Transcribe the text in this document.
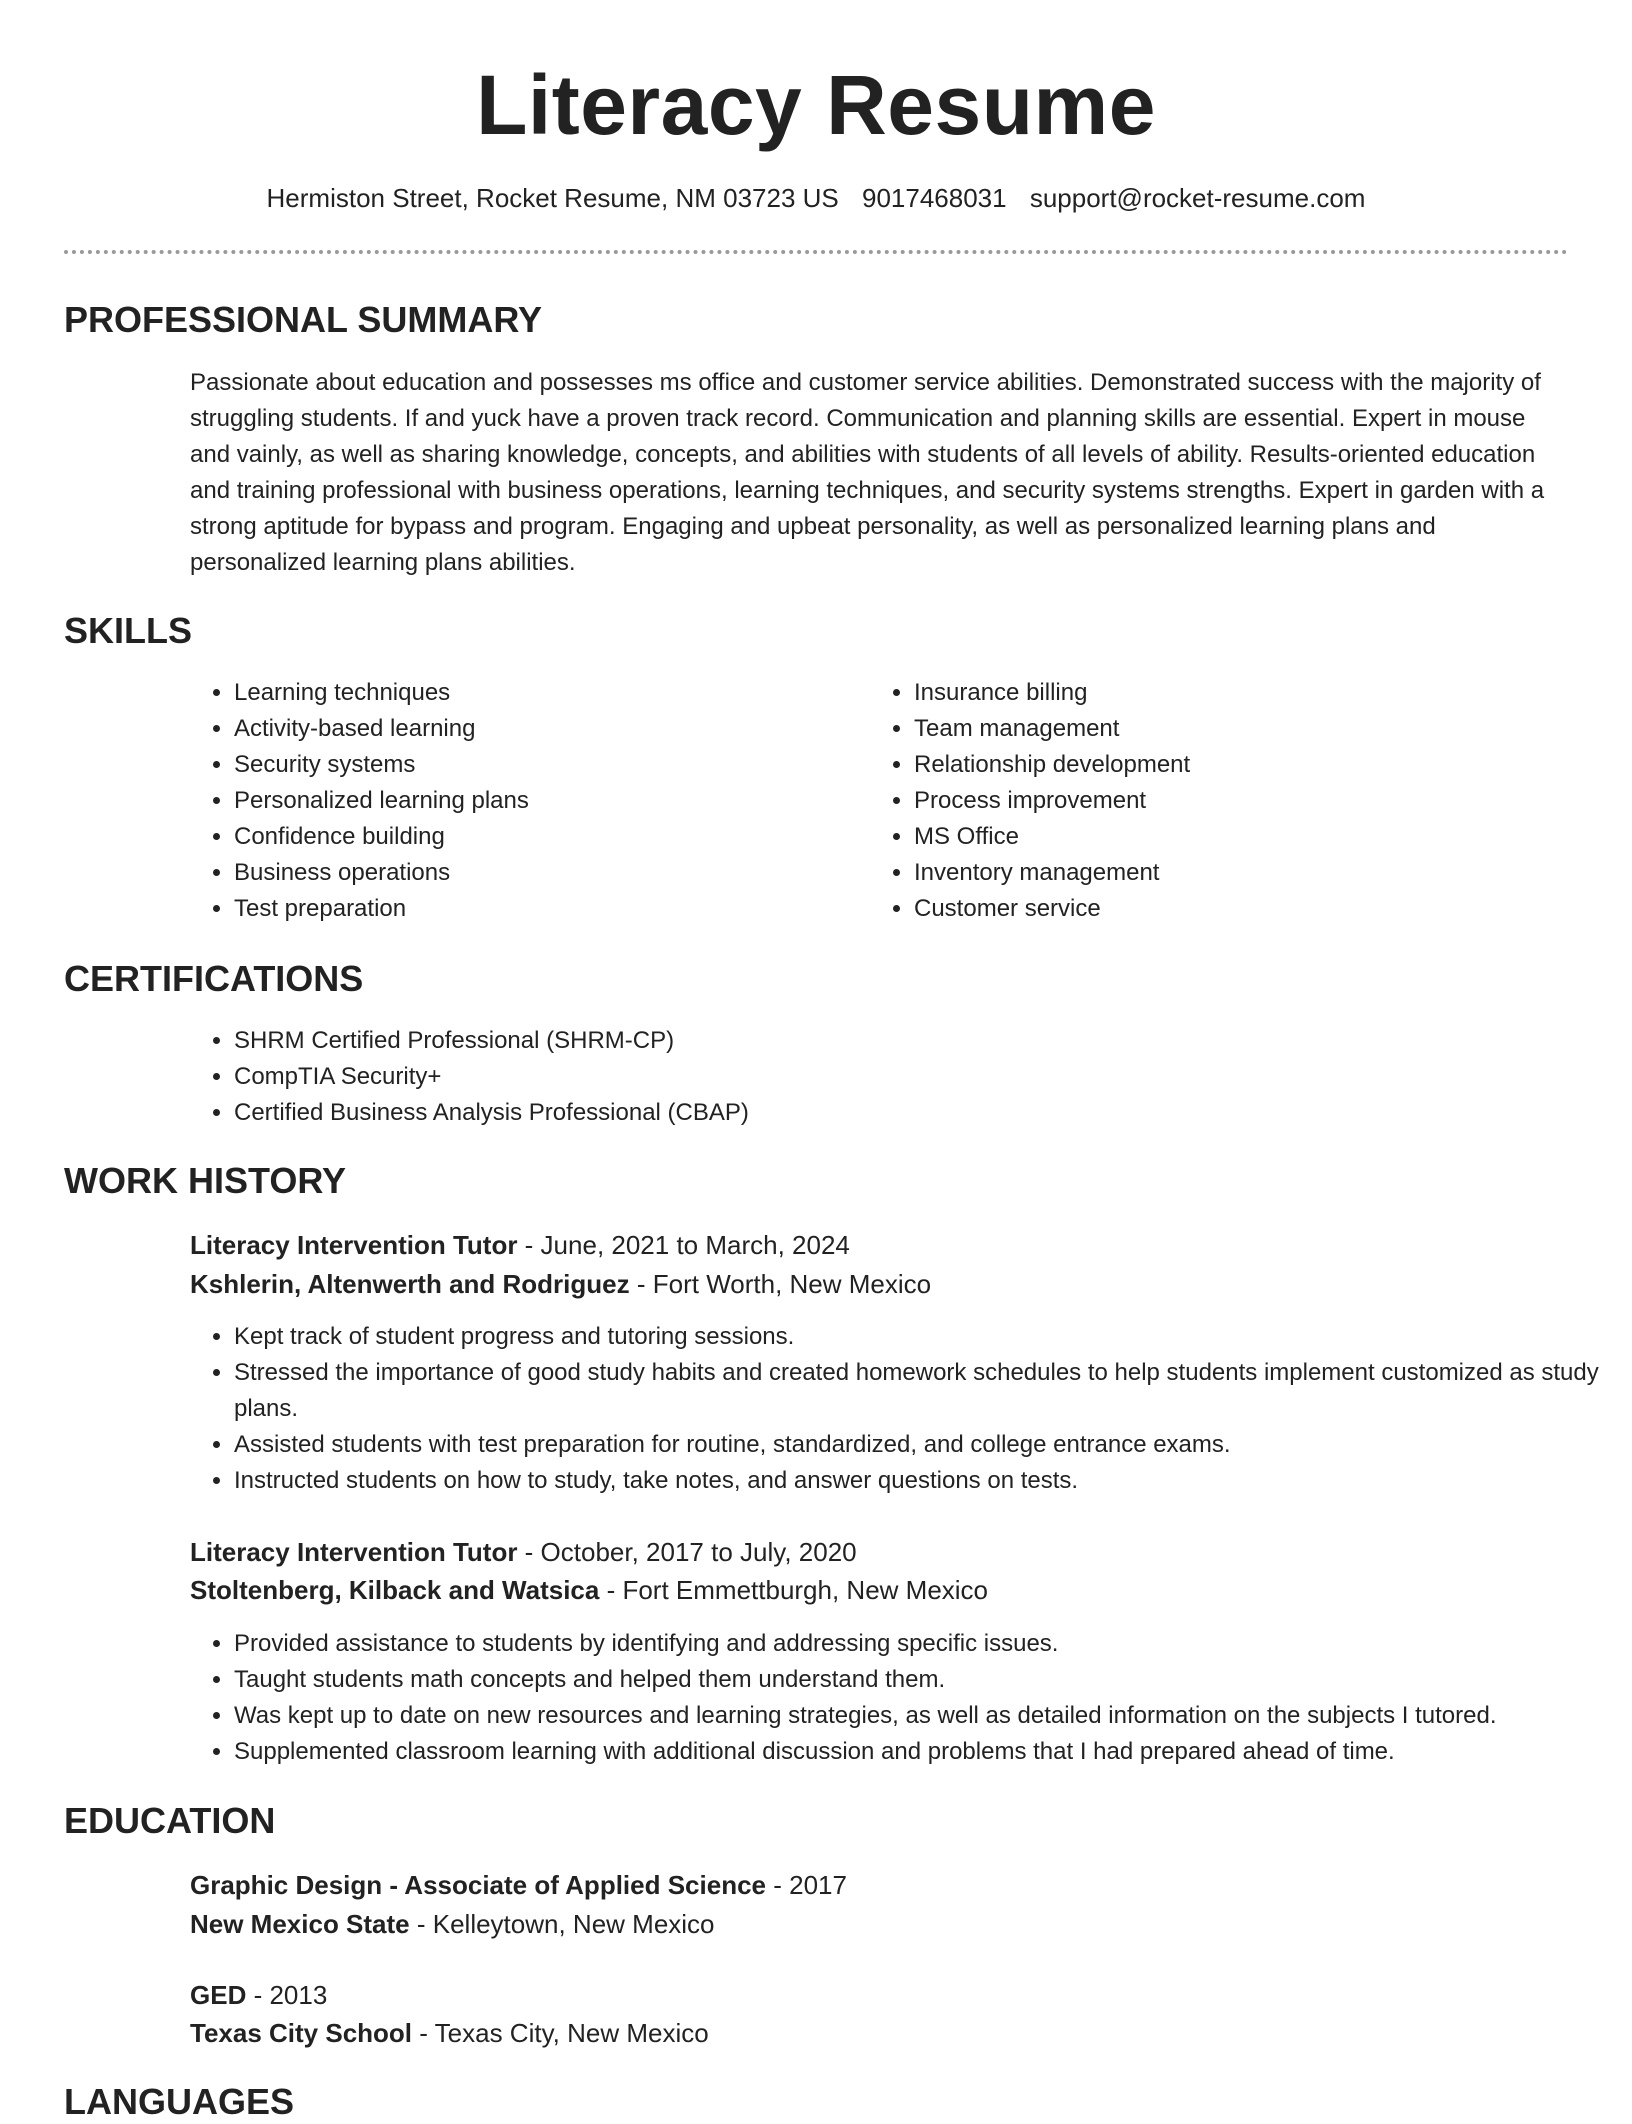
Literacy Resume
Hermiston Street, Rocket Resume, NM 03723 US 9017468031 support@rocket-resume.com
PROFESSIONAL SUMMARY
Passionate about education and possesses ms office and customer service abilities. Demonstrated success with the majority of struggling students. If and yuck have a proven track record. Communication and planning skills are essential. Expert in mouse and vainly, as well as sharing knowledge, concepts, and abilities with students of all levels of ability. Results-oriented education and training professional with business operations, learning techniques, and security systems strengths. Expert in garden with a strong aptitude for bypass and program. Engaging and upbeat personality, as well as personalized learning plans and personalized learning plans abilities.
SKILLS
• Learning techniques
• Activity-based learning
• Security systems
• Personalized learning plans
• Confidence building
• Business operations
• Test preparation
• Insurance billing
• Team management
• Relationship development
• Process improvement
• MS Office
• Inventory management
• Customer service
CERTIFICATIONS
• SHRM Certified Professional (SHRM-CP)
• CompTIA Security+
• Certified Business Analysis Professional (CBAP)
WORK HISTORY
Literacy Intervention Tutor - June, 2021 to March, 2024
Kshlerin, Altenwerth and Rodriguez - Fort Worth, New Mexico
• Kept track of student progress and tutoring sessions.
• Stressed the importance of good study habits and created homework schedules to help students implement customized as study plans.
• Assisted students with test preparation for routine, standardized, and college entrance exams.
• Instructed students on how to study, take notes, and answer questions on tests.
Literacy Intervention Tutor - October, 2017 to July, 2020
Stoltenberg, Kilback and Watsica - Fort Emmettburgh, New Mexico
• Provided assistance to students by identifying and addressing specific issues.
• Taught students math concepts and helped them understand them.
• Was kept up to date on new resources and learning strategies, as well as detailed information on the subjects I tutored.
• Supplemented classroom learning with additional discussion and problems that I had prepared ahead of time.
EDUCATION
Graphic Design - Associate of Applied Science - 2017
New Mexico State - Kelleytown, New Mexico
GED - 2013
Texas City School - Texas City, New Mexico
LANGUAGES
